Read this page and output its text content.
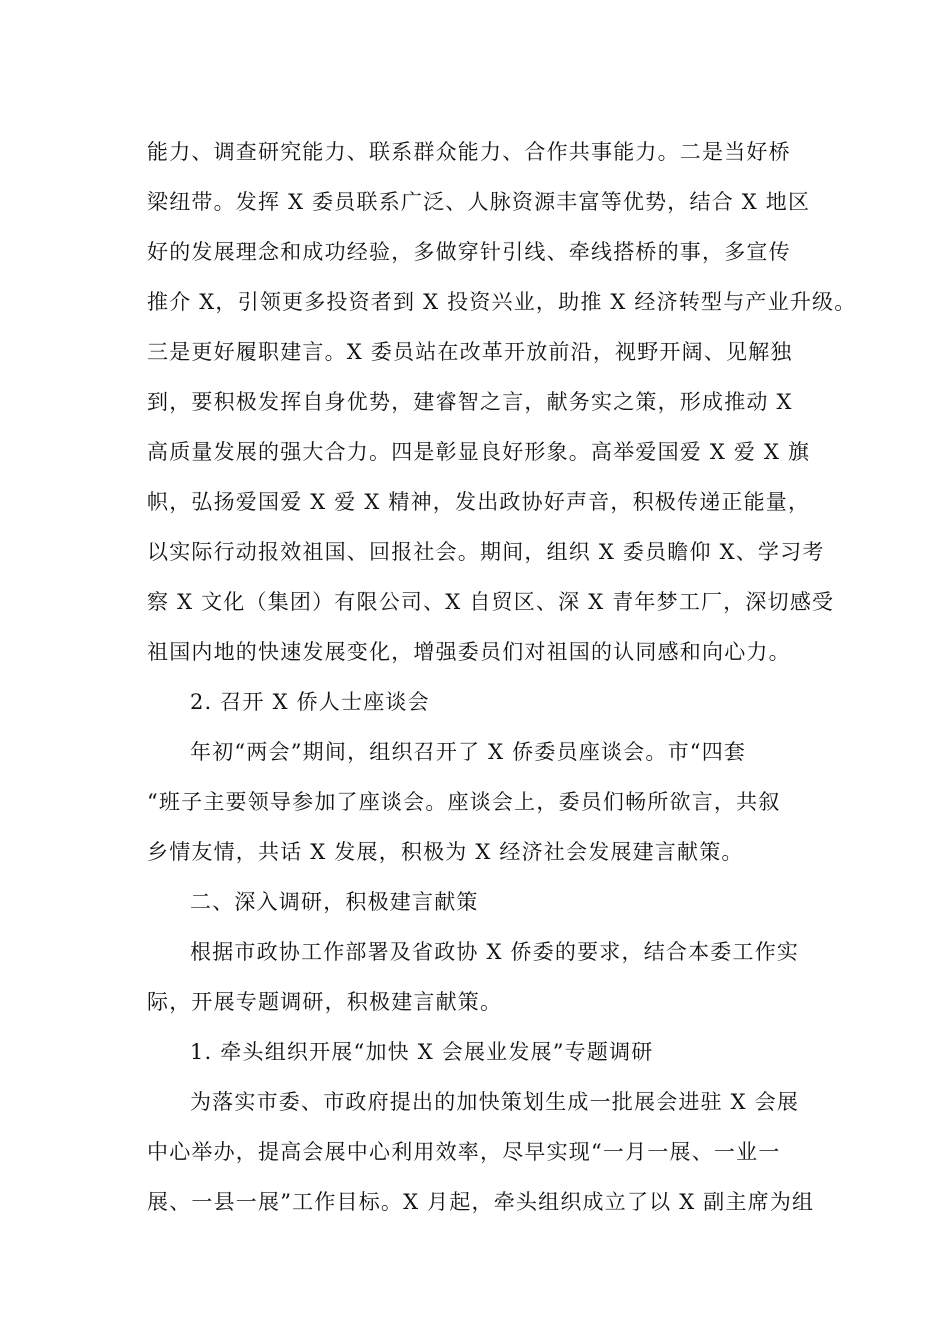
能力、调查研究能力、联系群众能力、合作共事能力。二是当好桥
梁纽带。发挥 X 委员联系广泛、人脉资源丰富等优势，结合 X 地区
好的发展理念和成功经验，多做穿针引线、牵线搭桥的事，多宣传
推介 X，引领更多投资者到 X 投资兴业，助推 X 经济转型与产业升级。
三是更好履职建言。X 委员站在改革开放前沿，视野开阔、见解独
到，要积极发挥自身优势，建睿智之言，献务实之策，形成推动 X
高质量发展的强大合力。四是彰显良好形象。高举爱国爱 X 爱 X 旗
帜，弘扬爱国爱 X 爱 X 精神，发出政协好声音，积极传递正能量，
以实际行动报效祖国、回报社会。期间，组织 X 委员瞻仰 X、学习考
察 X 文化（集团）有限公司、X 自贸区、深 X 青年梦工厂，深切感受
祖国内地的快速发展变化，增强委员们对祖国的认同感和向心力。
2. 召开 X 侨人士座谈会
年初“两会”期间，组织召开了 X 侨委员座谈会。市“四套
“班子主要领导参加了座谈会。座谈会上，委员们畅所欲言，共叙
乡情友情，共话 X 发展，积极为 X 经济社会发展建言献策。
二、深入调研，积极建言献策
根据市政协工作部署及省政协 X 侨委的要求，结合本委工作实
际，开展专题调研，积极建言献策。
1. 牵头组织开展“加快 X 会展业发展”专题调研
为落实市委、市政府提出的加快策划生成一批展会进驻 X 会展
中心举办，提高会展中心利用效率，尽早实现“一月一展、一业一
展、一县一展”工作目标。X 月起，牵头组织成立了以 X 副主席为组
